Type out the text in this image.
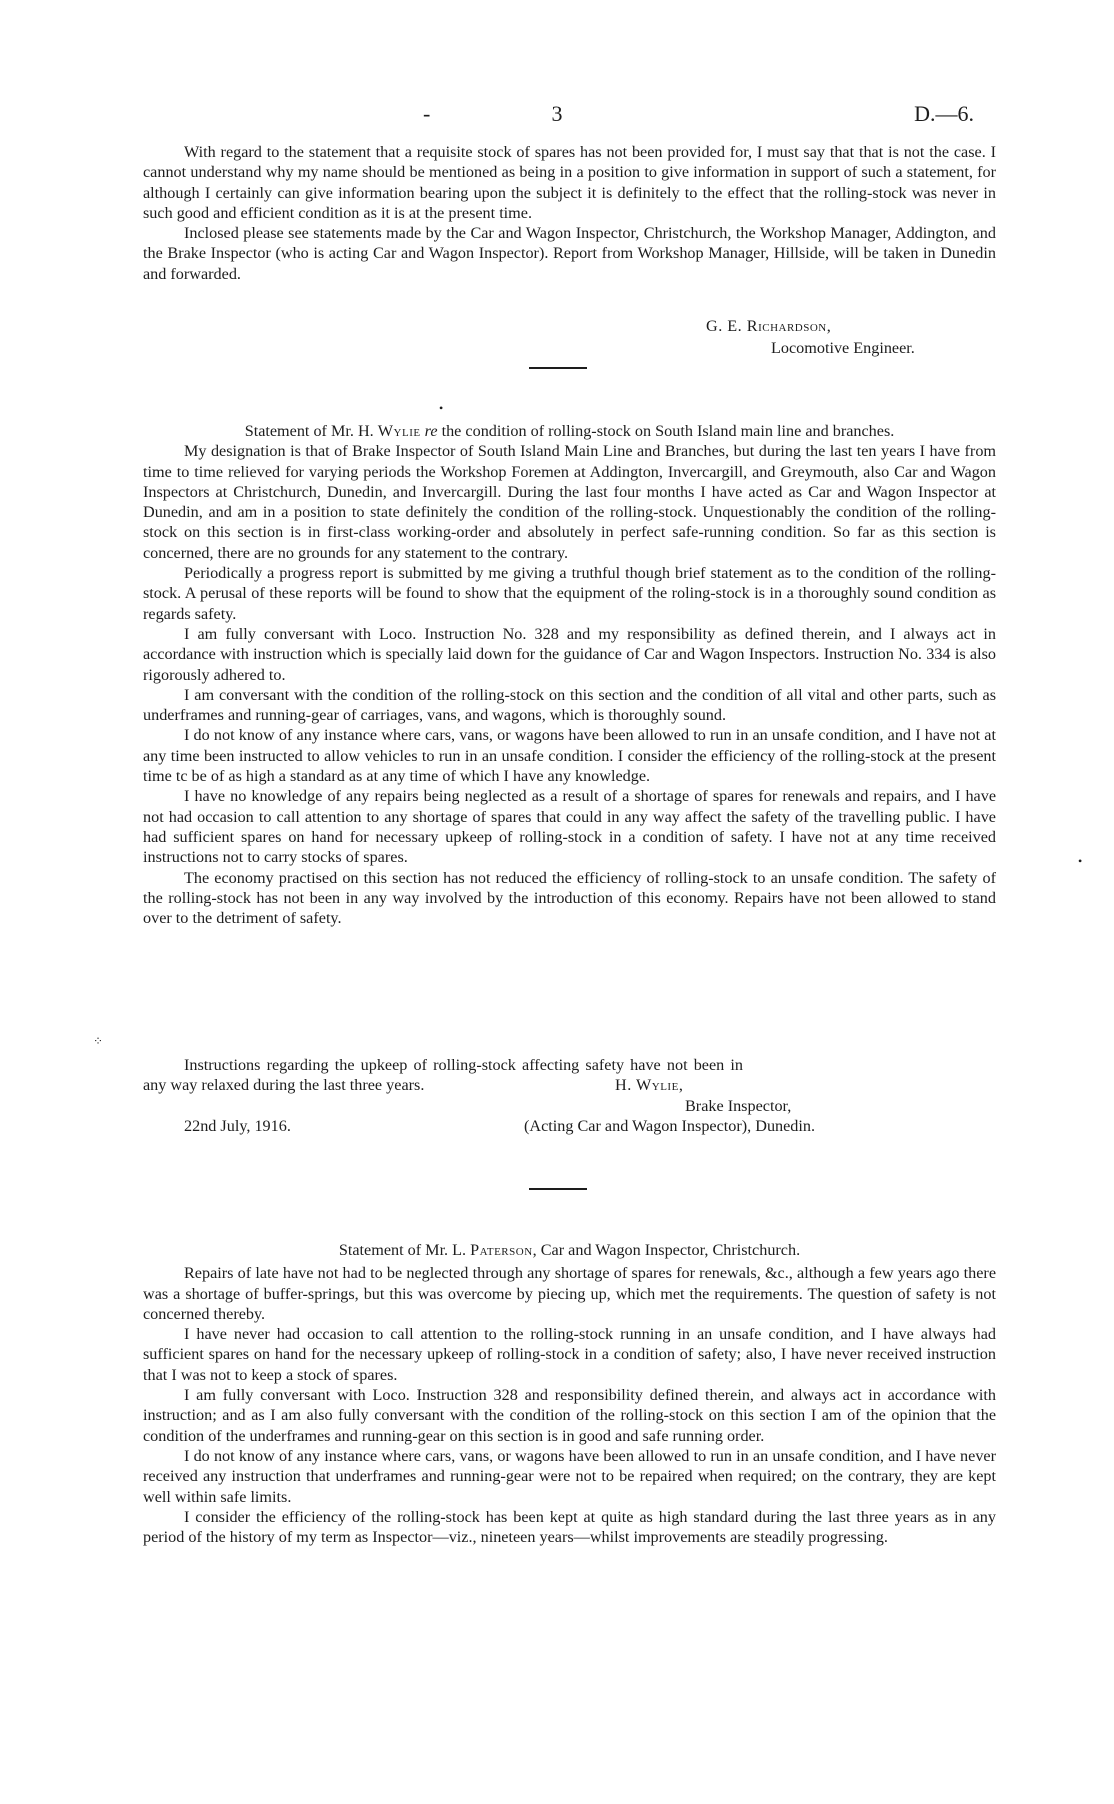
-	3	D.—6.

With regard to the statement that a requisite stock of spares has not been provided for, I must say that that is not the case. I cannot understand why my name should be mentioned as being in a position to give information in support of such a statement, for although I certainly can give information bearing upon the subject it is definitely to the effect that the rolling-stock was never in such good and efficient condition as it is at the present time.

Inclosed please see statements made by the Car and Wagon Inspector, Christchurch, the Workshop Manager, Addington, and the Brake Inspector (who is acting Car and Wagon Inspector). Report from Workshop Manager, Hillside, will be taken in Dunedin and forwarded.

G. E. Richardson,
Locomotive Engineer.
•

Statement of Mr. H. Wylie re the condition of rolling-stock on South Island main line and branches.

My designation is that of Brake Inspector of South Island Main Line and Branches, but during the last ten years I have from time to time relieved for varying periods the Workshop Foremen at Addington, Invercargill, and Greymouth, also Car and Wagon Inspectors at Christchurch, Dunedin, and Invercargill. During the last four months I have acted as Car and Wagon Inspector at Dunedin, and am in a position to state definitely the condition of the rolling-stock. Unquestionably the condition of the rolling-stock on this section is in first-class working-order and absolutely in perfect safe-running condition. So far as this section is concerned, there are no grounds for any statement to the contrary.

Periodically a progress report is submitted by me giving a truthful though brief statement as to the condition of the rolling-stock. A perusal of these reports will be found to show that the equipment of the roling-stock is in a thoroughly sound condition as regards safety.

I am fully conversant with Loco. Instruction No. 328 and my responsibility as defined therein, and I always act in accordance with instruction which is specially laid down for the guidance of Car and Wagon Inspectors. Instruction No. 334 is also rigorously adhered to.

I am conversant with the condition of the rolling-stock on this section and the condition of all vital and other parts, such as underframes and running-gear of carriages, vans, and wagons, which is thoroughly sound.

I do not know of any instance where cars, vans, or wagons have been allowed to run in an unsafe condition, and I have not at any time been instructed to allow vehicles to run in an unsafe condition. I consider the efficiency of the rolling-stock at the present time tc be of as high a standard as at any time of which I have any knowledge.

I have no knowledge of any repairs being neglected as a result of a shortage of spares for renewals and repairs, and I have not had occasion to call attention to any shortage of spares that could in any way affect the safety of the travelling public. I have had sufficient spares on hand for necessary upkeep of rolling-stock in a condition of safety. I have not at any time received instructions not to carry stocks of spares.

The economy practised on this section has not reduced the efficiency of rolling-stock to an unsafe condition. The safety of the rolling-stock has not been in any way involved by the introduction of this economy. Repairs have not been allowed to stand over to the detriment of safety.

Instructions regarding the upkeep of rolling-stock affecting safety have not been in any way relaxed during the last three years.

•
⁘
H. Wylie,
Brake Inspector,
(Acting Car and Wagon Inspector), Dunedin.
22nd July, 1916.

Statement of Mr. L. Paterson, Car and Wagon Inspector, Christchurch.

Repairs of late have not had to be neglected through any shortage of spares for renewals, &c., although a few years ago there was a shortage of buffer-springs, but this was overcome by piecing up, which met the requirements. The question of safety is not concerned thereby.

I have never had occasion to call attention to the rolling-stock running in an unsafe condition, and I have always had sufficient spares on hand for the necessary upkeep of rolling-stock in a condition of safety; also, I have never received instruction that I was not to keep a stock of spares.

I am fully conversant with Loco. Instruction 328 and responsibility defined therein, and always act in accordance with instruction; and as I am also fully conversant with the condition of the rolling-stock on this section I am of the opinion that the condition of the underframes and running-gear on this section is in good and safe running order.

I do not know of any instance where cars, vans, or wagons have been allowed to run in an unsafe condition, and I have never received any instruction that underframes and running-gear were not to be repaired when required; on the contrary, they are kept well within safe limits.

I consider the efficiency of the rolling-stock has been kept at quite as high standard during the last three years as in any period of the history of my term as Inspector—viz., nineteen years—whilst improvements are steadily progressing.
